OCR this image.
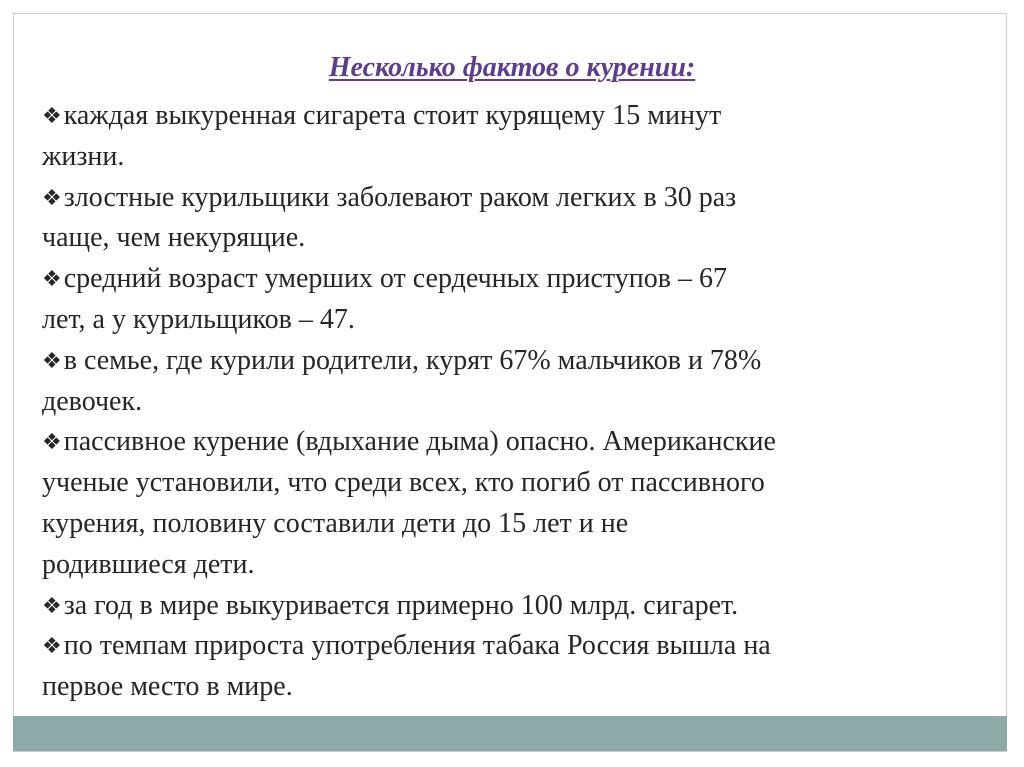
Несколько фактов о курении:
❖каждая выкуренная сигарета стоит курящему 15 минут
жизни.
❖злостные курильщики заболевают раком легких в 30 раз
чаще, чем некурящие.
❖средний возраст умерших от сердечных приступов – 67
лет, а у курильщиков – 47.
❖в семье, где курили родители, курят 67% мальчиков и 78%
девочек.
❖пассивное курение (вдыхание дыма) опасно. Американские
ученые установили, что среди всех, кто погиб от пассивного
курения, половину составили дети до 15 лет и не
родившиеся дети.
❖за год в мире выкуривается примерно 100 млрд. сигарет.
❖по темпам прироста употребления табака Россия вышла на
первое место в мире.
